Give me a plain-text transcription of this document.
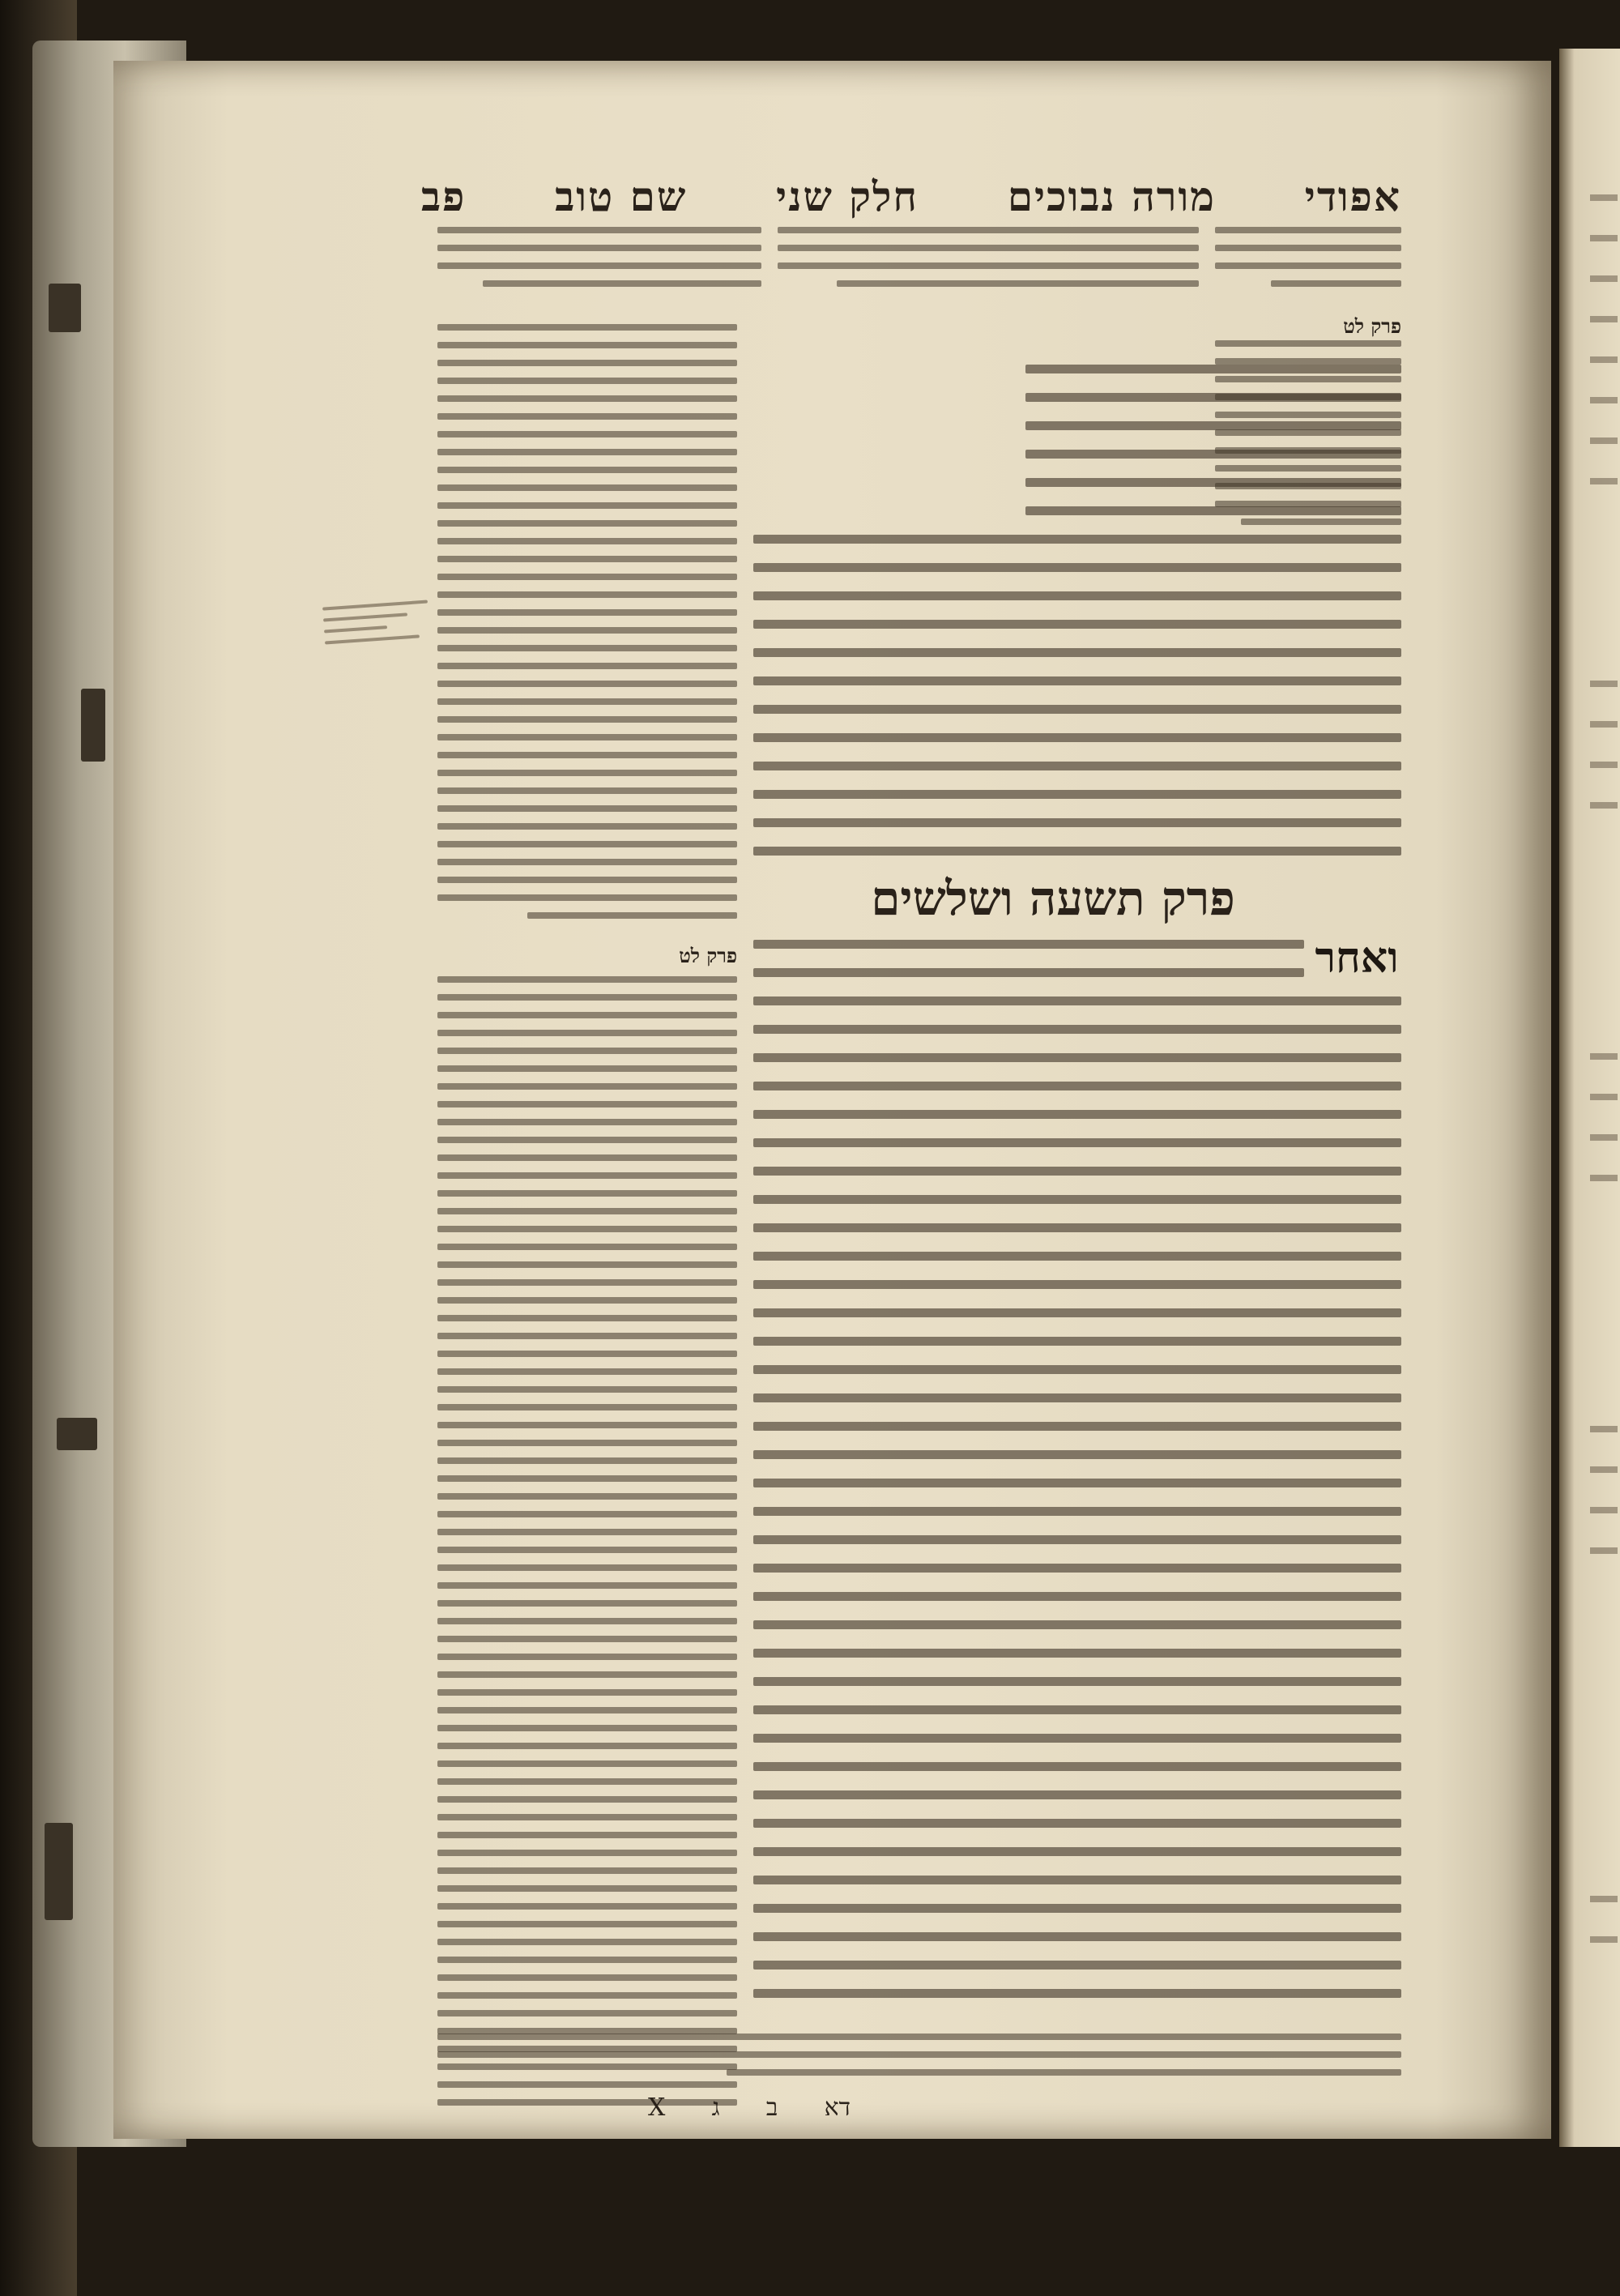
אפודי
מורה נבוכים
חלק שני
שם טוב
פב
פרק לט
פרק תשעה ושלשים
ואחר
פרק לט
דא
ב
ג
X
